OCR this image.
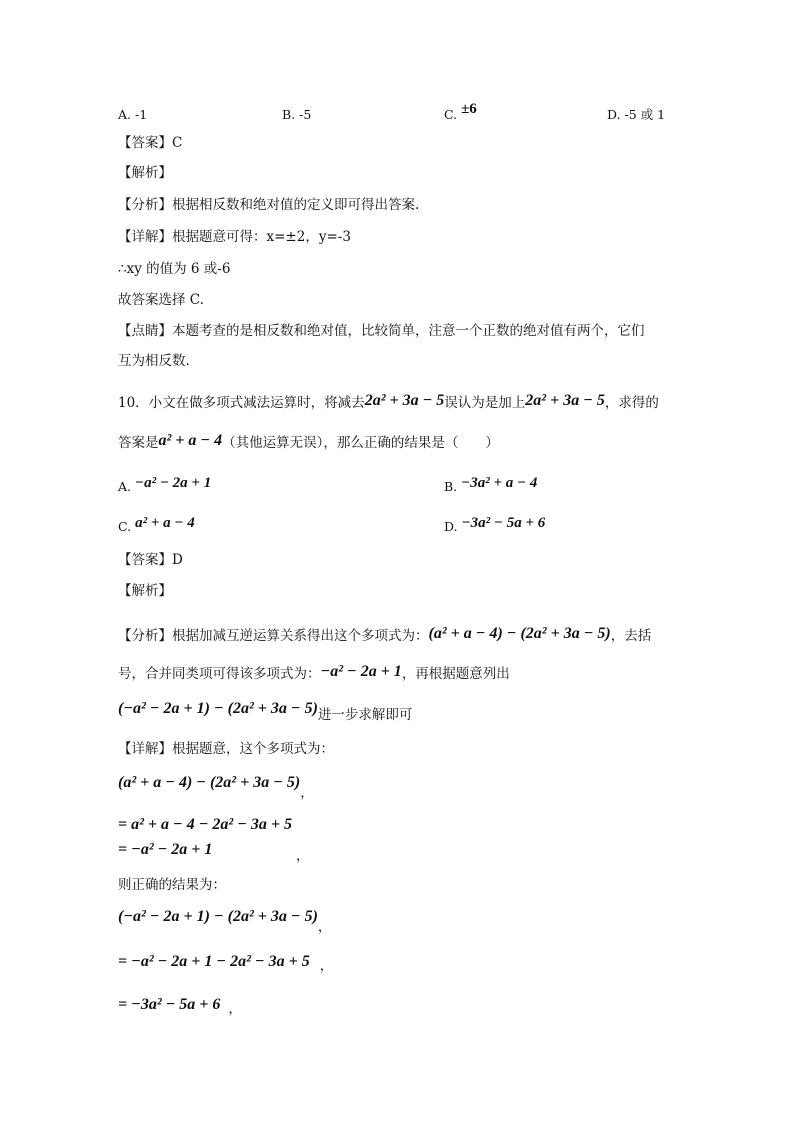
A. -1	B. -5	C. ±6	D. -5 或 1
【答案】C
【解析】
【分析】根据相反数和绝对值的定义即可得出答案.
【详解】根据题意可得：x=±2，y=-3
∴xy 的值为 6 或-6
故答案选择 C.
【点睛】本题考查的是相反数和绝对值，比较简单，注意一个正数的绝对值有两个，它们
互为相反数.
10．小文在做多项式减法运算时，将减去2a² + 3a − 5误认为是加上2a² + 3a − 5，求得的
答案是a² + a − 4（其他运算无误），那么正确的结果是（　　）
A. −a² − 2a + 1	B. −3a² + a − 4
C. a² + a − 4	D. −3a² − 5a + 6
【答案】D
【解析】
【分析】根据加减互逆运算关系得出这个多项式为：(a² + a − 4) − (2a² + 3a − 5)，去括
号，合并同类项可得该多项式为：−a² − 2a + 1，再根据题意列出
(−a² − 2a + 1) − (2a² + 3a − 5)进一步求解即可
【详解】根据题意，这个多项式为：
(a² + a − 4) − (2a² + 3a − 5)，
= a² + a − 4 − 2a² − 3a + 5
= −a² − 2a + 1	，
则正确的结果为：
(−a² − 2a + 1) − (2a² + 3a − 5)，
= −a² − 2a + 1 − 2a² − 3a + 5 ，
= −3a² − 5a + 6 ，
